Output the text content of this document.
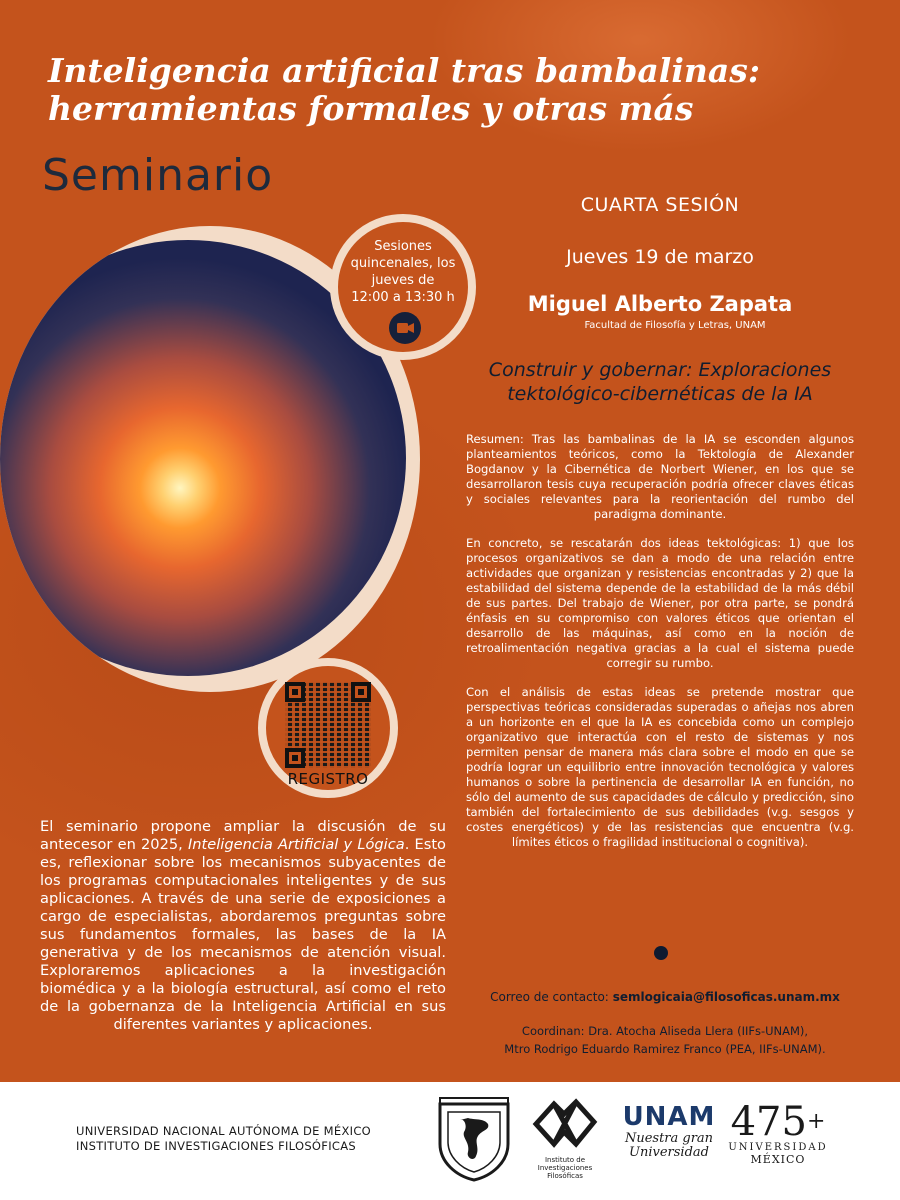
Inteligencia artificial tras bambalinas:
herramientas formales y otras más
Seminario
Sesiones
quincenales, los
jueves de
12:00 a 13:30 h
REGISTRO
CUARTA SESIÓN
Jueves 19 de marzo
Miguel Alberto Zapata
Facultad de Filosofía y Letras, UNAM
Construir y gobernar: Exploraciones tektológico-cibernéticas de la IA

Resumen: Tras las bambalinas de la IA se esconden algunos planteamientos teóricos, como la Tektología de Alexander Bogdanov y la Cibernética de Norbert Wiener, en los que se desarrollaron tesis cuya recuperación podría ofrecer claves éticas y sociales relevantes para la reorientación del rumbo del paradigma dominante.

En concreto, se rescatarán dos ideas tektológicas: 1) que los procesos organizativos se dan a modo de una relación entre actividades que organizan y resistencias encontradas y 2) que la estabilidad del sistema depende de la estabilidad de la más débil de sus partes. Del trabajo de Wiener, por otra parte, se pondrá énfasis en su compromiso con valores éticos que orientan el desarrollo de las máquinas, así como en la noción de retroalimentación negativa gracias a la cual el sistema puede corregir su rumbo.

Con el análisis de estas ideas se pretende mostrar que perspectivas teóricas consideradas superadas o añejas nos abren a un horizonte en el que la IA es concebida como un complejo organizativo que interactúa con el resto de sistemas y nos permiten pensar de manera más clara sobre el modo en que se podría lograr un equilibrio entre innovación tecnológica y valores humanos o sobre la pertinencia de desarrollar IA en función, no sólo del aumento de sus capacidades de cálculo y predicción, sino también del fortalecimiento de sus debilidades (v.g. sesgos y costes energéticos) y de las resistencias que encuentra (v.g. límites éticos o fragilidad institucional o cognitiva).

El seminario propone ampliar la discusión de su antecesor en 2025, Inteligencia Artificial y Lógica. Esto es, reflexionar sobre los mecanismos subyacentes de los programas computacionales inteligentes y de sus aplicaciones. A través de una serie de exposiciones a cargo de especialistas, abordaremos preguntas sobre sus fundamentos formales, las bases de la IA generativa y de los mecanismos de atención visual. Exploraremos aplicaciones a la investigación biomédica y a la biología estructural, así como el reto de la gobernanza de la Inteligencia Artificial en sus diferentes variantes y aplicaciones.
Correo de contacto: semlogicaia@filosoficas.unam.mx
Coordinan: Dra. Atocha Aliseda Llera (IIFs-UNAM),
Mtro Rodrigo Eduardo Ramirez Franco (PEA, IIFs-UNAM).
UNIVERSIDAD NACIONAL AUTÓNOMA DE MÉXICO
INSTITUTO DE INVESTIGACIONES FILOSÓFICAS
Instituto de
Investigaciones
Filosóficas
UNAM
Nuestra gran
Universidad
475+
UNIVERSIDAD
MÉXICO
